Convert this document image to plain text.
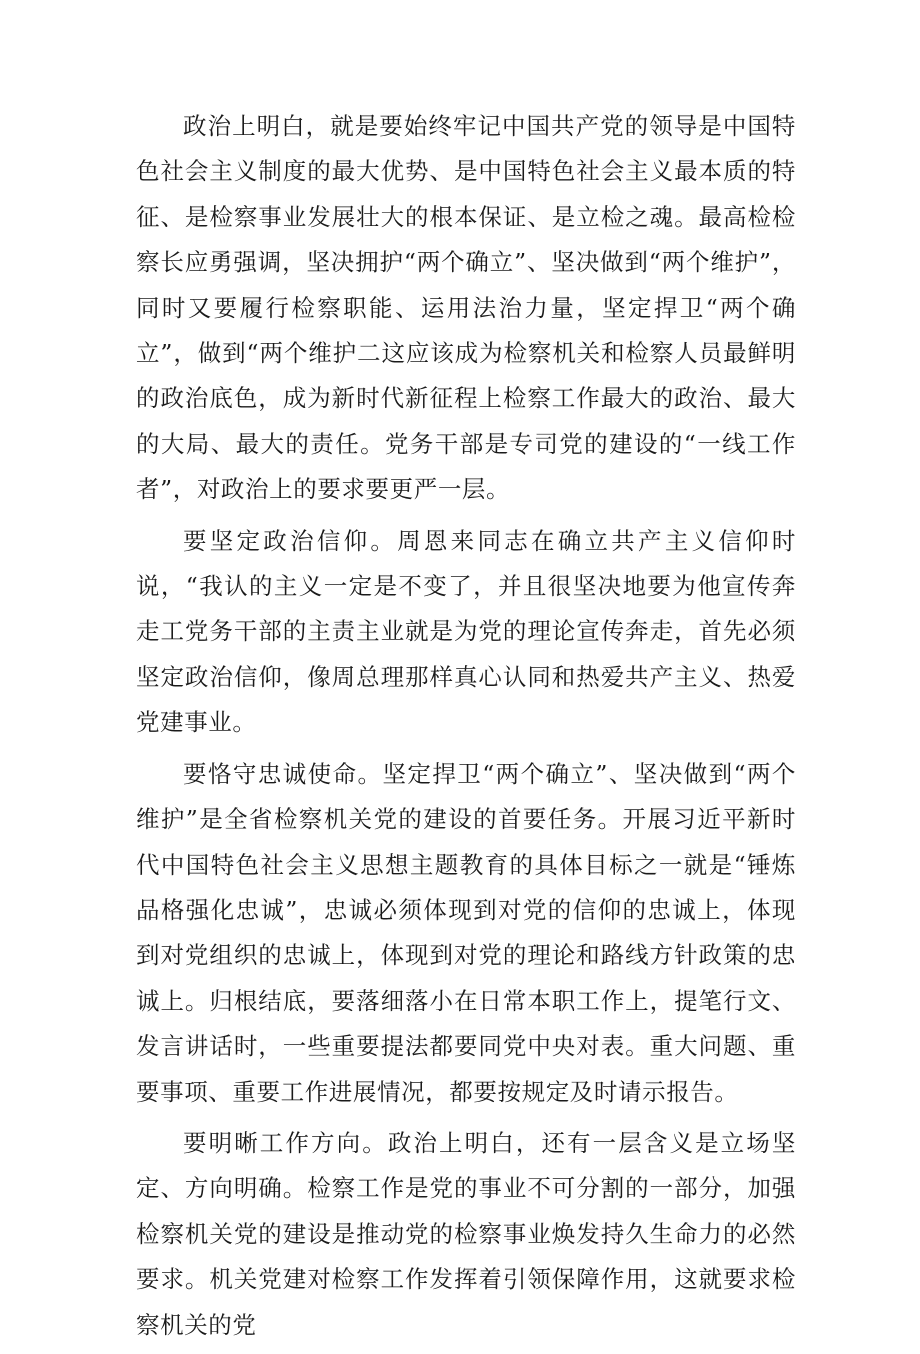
政治上明白，就是要始终牢记中国共产党的领导是中国特色社会主义制度的最大优势、是中国特色社会主义最本质的特征、是检察事业发展壮大的根本保证、是立检之魂。最高检检察长应勇强调，坚决拥护“两个确立”、坚决做到“两个维护”，同时又要履行检察职能、运用法治力量，坚定捍卫“两个确立”，做到“两个维护二这应该成为检察机关和检察人员最鲜明的政治底色，成为新时代新征程上检察工作最大的政治、最大的大局、最大的责任。党务干部是专司党的建设的“一线工作者”，对政治上的要求要更严一层。

要坚定政治信仰。周恩来同志在确立共产主义信仰时说，“我认的主义一定是不变了，并且很坚决地要为他宣传奔走工党务干部的主责主业就是为党的理论宣传奔走，首先必须坚定政治信仰，像周总理那样真心认同和热爱共产主义、热爱党建事业。

要恪守忠诚使命。坚定捍卫“两个确立”、坚决做到“两个维护”是全省检察机关党的建设的首要任务。开展习近平新时代中国特色社会主义思想主题教育的具体目标之一就是“锤炼品格强化忠诚”，忠诚必须体现到对党的信仰的忠诚上，体现到对党组织的忠诚上，体现到对党的理论和路线方针政策的忠诚上。归根结底，要落细落小在日常本职工作上，提笔行文、发言讲话时，一些重要提法都要同党中央对表。重大问题、重要事项、重要工作进展情况，都要按规定及时请示报告。

要明晰工作方向。政治上明白，还有一层含义是立场坚定、方向明确。检察工作是党的事业不可分割的一部分，加强检察机关党的建设是推动党的检察事业焕发持久生命力的必然要求。机关党建对检察工作发挥着引领保障作用，这就要求检察机关的党
